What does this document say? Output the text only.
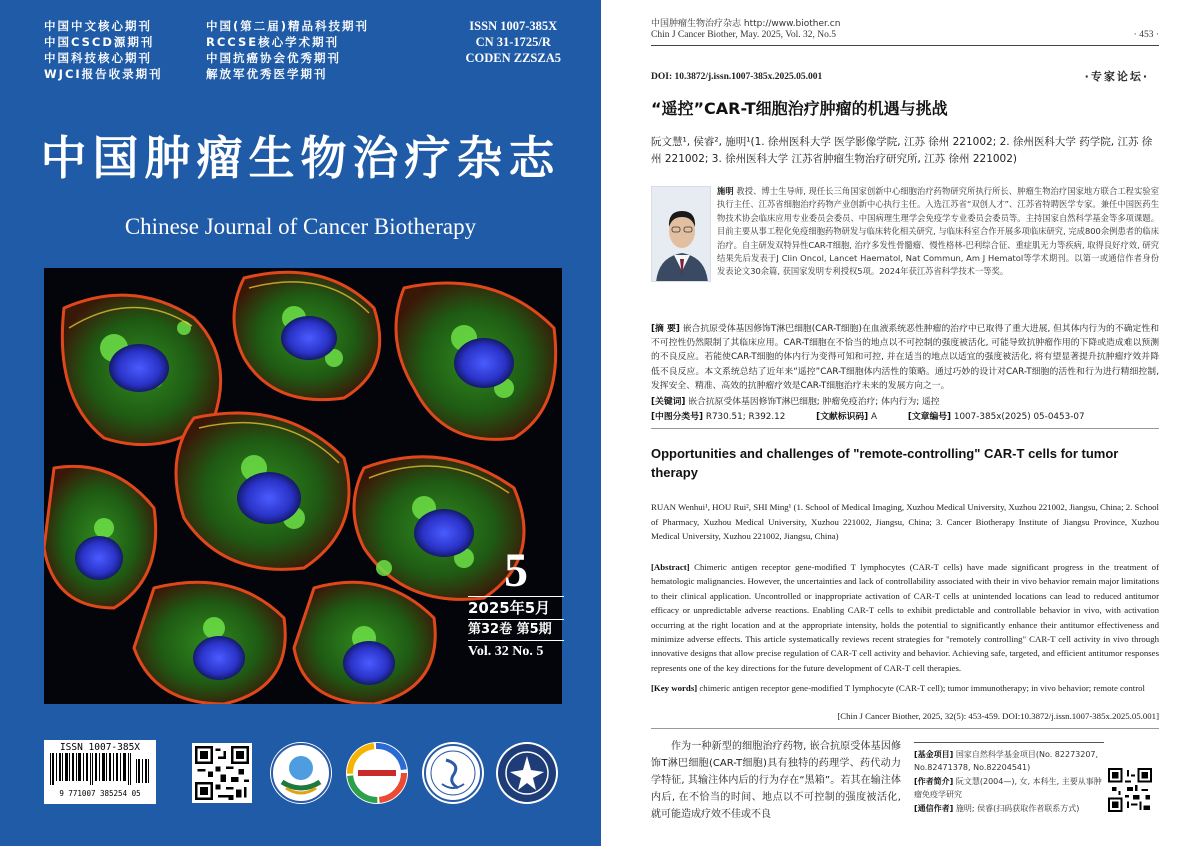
中国中文核心期刊
中国CSCD源期刊
中国科技核心期刊
WJCI报告收录期刊
中国(第二届)精品科技期刊
RCCSE核心学术期刊
中国抗癌协会优秀期刊
解放军优秀医学期刊
ISSN 1007-385X
CN 31-1725/R
CODEN ZZSZA5
中国肿瘤生物治疗杂志
Chinese Journal of Cancer Biotherapy
5
2025年5月
第32卷 第5期
Vol. 32 No. 5
ISSN 1007-385X
9 771007 385254 05
中国肿瘤生物治疗杂志 http://www.biother.cn
Chin J Cancer Biother, May. 2025, Vol. 32, No.5	· 453 ·
DOI: 10.3872/j.issn.1007-385x.2025.05.001	·专家论坛·
“遥控”CAR-T细胞治疗肿瘤的机遇与挑战
阮文慧¹, 侯睿², 施明¹(1. 徐州医科大学 医学影像学院, 江苏 徐州 221002; 2. 徐州医科大学 药学院, 江苏 徐州 221002; 3. 徐州医科大学 江苏省肿瘤生物治疗研究所, 江苏 徐州 221002)
施明 教授、博士生导师, 现任长三角国家创新中心细胞治疗药物研究所执行所长、肿瘤生物治疗国家地方联合工程实验室执行主任、江苏省细胞治疗药物产业创新中心执行主任。入选江苏省“双创人才”、江苏省特聘医学专家。兼任中国医药生物技术协会临床应用专业委员会委员、中国病理生理学会免疫学专业委员会委员等。主持国家自然科学基金等多项课题。目前主要从事工程化免疫细胞药物研发与临床转化相关研究, 与临床科室合作开展多项临床研究, 完成800余例患者的临床治疗。自主研发双特异性CAR-T细胞, 治疗多发性骨髓瘤、慢性格林-巴利综合征、重症肌无力等疾病, 取得良好疗效, 研究结果先后发表于J Clin Oncol, Lancet Haematol, Nat Commun, Am J Hematol等学术期刊。以第一或通信作者身份发表论文30余篇, 获国家发明专利授权5项。2024年获江苏省科学技术一等奖。
[摘 要] 嵌合抗原受体基因修饰T淋巴细胞(CAR-T细胞)在血液系统恶性肿瘤的治疗中已取得了重大进展, 但其体内行为的不确定性和不可控性仍然限制了其临床应用。CAR-T细胞在不恰当的地点以不可控制的强度被活化, 可能导致抗肿瘤作用的下降或造成难以预测的不良反应。若能使CAR-T细胞的体内行为变得可知和可控, 并在适当的地点以适宜的强度被活化, 将有望显著提升抗肿瘤疗效并降低不良反应。本文系统总结了近年来“遥控”CAR-T细胞体内活性的策略。通过巧妙的设计对CAR-T细胞的活性和行为进行精细控制, 发挥安全、精准、高效的抗肿瘤疗效是CAR-T细胞治疗未来的发展方向之一。
[关键词] 嵌合抗原受体基因修饰T淋巴细胞; 肿瘤免疫治疗; 体内行为; 遥控
[中图分类号] R730.51; R392.12	[文献标识码] A	[文章编号] 1007-385x(2025) 05-0453-07
Opportunities and challenges of "remote-controlling" CAR-T cells for tumor therapy
RUAN Wenhui¹, HOU Rui², SHI Ming¹ (1. School of Medical Imaging, Xuzhou Medical University, Xuzhou 221002, Jiangsu, China; 2. School of Pharmacy, Xuzhou Medical University, Xuzhou 221002, Jiangsu, China; 3. Cancer Biotherapy Institute of Jiangsu Province, Xuzhou Medical University, Xuzhou 221002, Jiangsu, China)
[Abstract] Chimeric antigen receptor gene-modified T lymphocytes (CAR-T cells) have made significant progress in the treatment of hematologic malignancies. However, the uncertainties and lack of controllability associated with their in vivo behavior remain major limitations to their clinical application. Uncontrolled or inappropriate activation of CAR-T cells at unintended locations can lead to reduced antitumor efficacy or unpredictable adverse reactions. Enabling CAR-T cells to exhibit predictable and controllable behavior in vivo, with activation occurring at the right location and at the appropriate intensity, holds the potential to significantly enhance their antitumor effectiveness and minimize adverse effects. This article systematically reviews recent strategies for "remotely controlling" CAR-T cell activity in vivo through innovative designs that allow precise regulation of CAR-T cell activity and behavior. Achieving safe, targeted, and efficient antitumor responses represents one of the key directions for the future development of CAR-T cell therapies.
[Key words] chimeric antigen receptor gene-modified T lymphocyte (CAR-T cell); tumor immunotherapy; in vivo behavior; remote control
[Chin J Cancer Biother, 2025, 32(5): 453-459. DOI:10.3872/j.issn.1007-385x.2025.05.001]
作为一种新型的细胞治疗药物, 嵌合抗原受体基因修饰T淋巴细胞(CAR-T细胞)具有独特的药理学、药代动力学特征, 其输注体内后的行为存在“黑箱”。若其在输注体内后, 在不恰当的时间、地点以不可控制的强度被活化, 就可能造成疗效不佳或不良
[基金项目] 国家自然科学基金项目(No. 82273207, No.82471378, No.82204541)
[作者简介] 阮文慧(2004—), 女, 本科生, 主要从事肿瘤免疫学研究
[通信作者] 施明; 侯睿(扫码获取作者联系方式)
